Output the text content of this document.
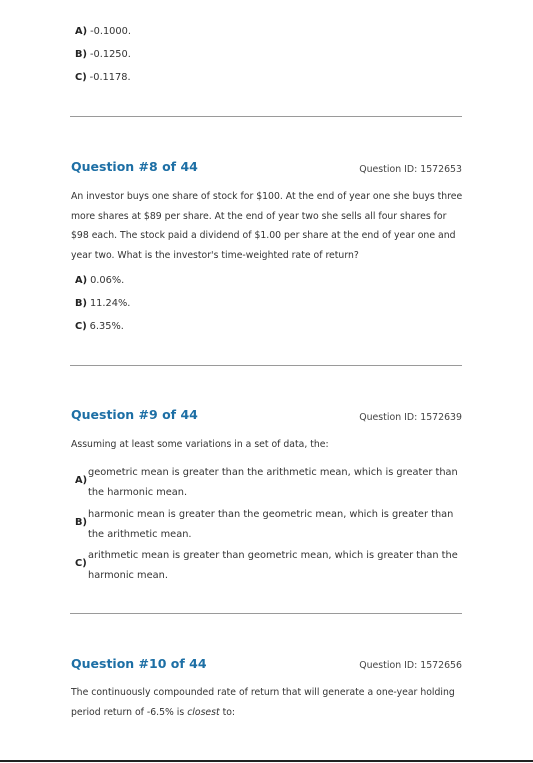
A) -0.1000.
B) -0.1250.
C) -0.1178.
Question #8 of 44	Question ID: 1572653
An investor buys one share of stock for $100. At the end of year one she buys three more shares at $89 per share. At the end of year two she sells all four shares for $98 each. The stock paid a dividend of $1.00 per share at the end of year one and year two. What is the investor's time-weighted rate of return?
A) 0.06%.
B) 11.24%.
C) 6.35%.
Question #9 of 44	Question ID: 1572639
Assuming at least some variations in a set of data, the:
A)
geometric mean is greater than the arithmetic mean, which is greater than the harmonic mean.
B)
harmonic mean is greater than the geometric mean, which is greater than the arithmetic mean.
C)
arithmetic mean is greater than geometric mean, which is greater than the harmonic mean.
Question #10 of 44	Question ID: 1572656
The continuously compounded rate of return that will generate a one-year holding period return of -6.5% is closest to:
